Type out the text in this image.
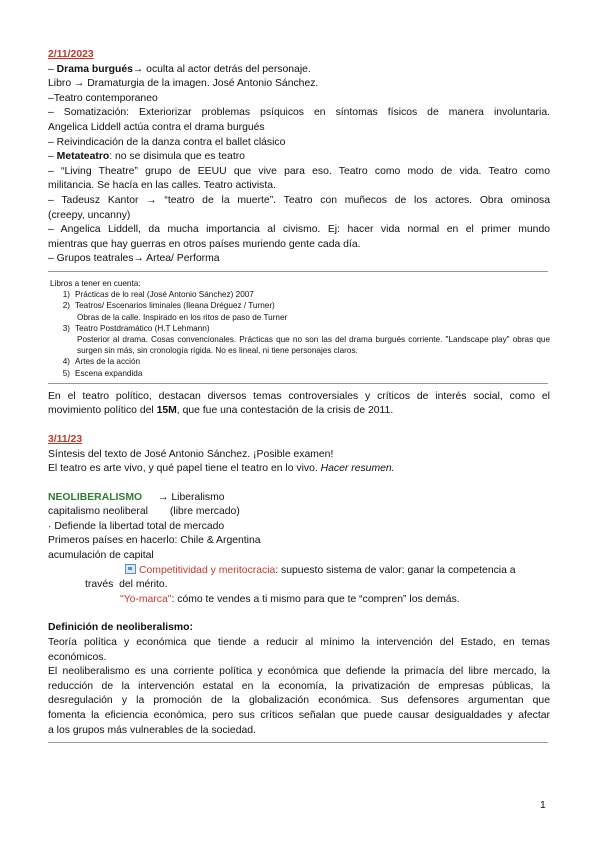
2/11/2023
– Drama burgués→ oculta al actor detrás del personaje.
Libro → Dramaturgia de la imagen. José Antonio Sánchez.
–Teatro contemporaneo
– Somatización: Exteriorizar problemas psíquicos en síntomas físicos de manera involuntaria.
Angelica Liddell actúa contra el drama burgués
– Reivindicación de la danza contra el ballet clásico
– Metateatro: no se disimula que es teatro
– “Living Theatre” grupo de EEUU que vive para eso. Teatro como modo de vida. Teatro como
militancia. Se hacía en las calles. Teatro activista.
– Tadeusz Kantor → “teatro de la muerte”. Teatro con muñecos de los actores. Obra ominosa
(creepy, uncanny)
– Angelica Liddell, da mucha importancia al civismo. Ej: hacer vida normal en el primer mundo
mientras que hay guerras en otros países muriendo gente cada día.
– Grupos teatrales→ Artea/ Performa
Libros a tener en cuenta:
1) Prácticas de lo real (José Antonio Sánchez) 2007
2) Teatros/ Escenarios liminales (Ileana Dréguez / Turner)
Obras de la calle. Inspirado en los ritos de paso de Turner
3) Teatro Postdramático (H.T Lehmann)
Posterior al drama. Cosas convencionales. Prácticas que no son las del drama burgués corriente. "Landscape play" obras que surgen sin más, sin cronología rígida. No es lineal, ni tiene personajes claros.
4) Artes de la acción
5) Escena expandida
En el teatro político, destacan diversos temas controversiales y críticos de interés social, como el
movimiento político del 15M, que fue una contestación de la crisis de 2011.
3/11/23
Síntesis del texto de José Antonio Sánchez. ¡Posible examen!
El teatro es arte vivo, y qué papel tiene el teatro en lo vivo. Hacer resumen.
NEOLIBERALISMO → Liberalismo
capitalismo neoliberal (libre mercado)
· Defiende la libertad total de mercado
Primeros países en hacerlo: Chile & Argentina
acumulación de capital
Competitividad y meritocracia: supuesto sistema de valor: ganar la competencia a
través  del mérito.
"Yo-marca": cómo te vendes a ti mismo para que te “compren” los demás.
Definición de neoliberalismo:
Teoría política y económica que tiende a reducir al mínimo la intervención del Estado, en temas
económicos.
El neoliberalismo es una corriente política y económica que defiende la primacía del libre mercado, la
reducción de la intervención estatal en la economía, la privatización de empresas públicas, la
desregulación y la promoción de la globalización económica. Sus defensores argumentan que
fomenta la eficiencia económica, pero sus críticos señalan que puede causar desigualdades y afectar
a los grupos más vulnerables de la sociedad.
1
